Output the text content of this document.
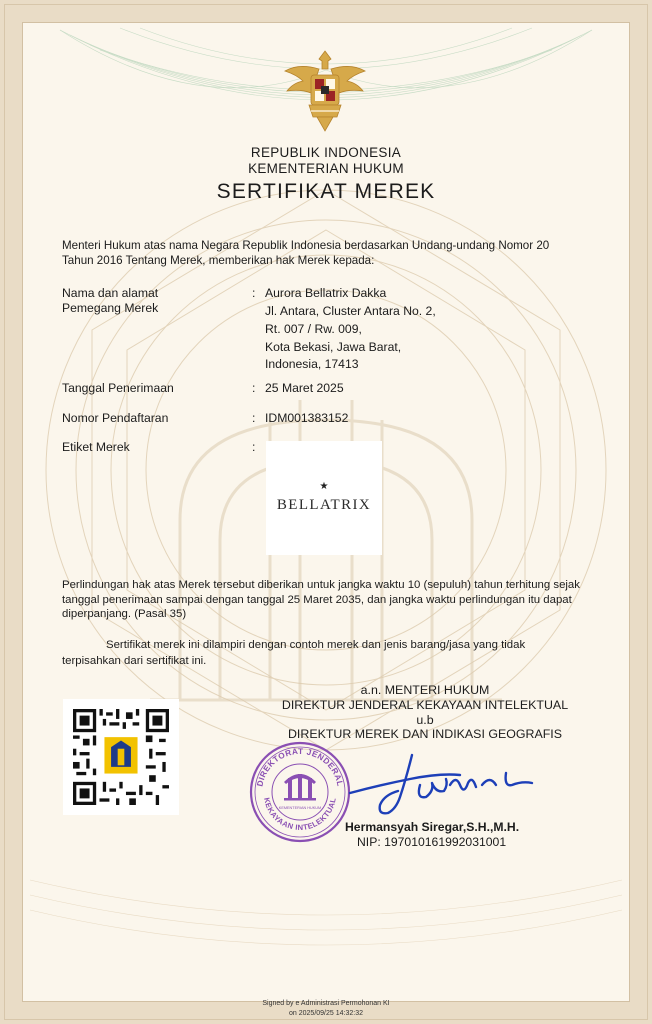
REPUBLIK INDONESIA
KEMENTERIAN HUKUM
SERTIFIKAT MEREK
Menteri Hukum atas nama Negara Republik Indonesia berdasarkan Undang-undang Nomor 20 Tahun 2016 Tentang Merek, memberikan hak Merek kepada:
Nama dan alamat
Pemegang Merek
: Aurora Bellatrix Dakka
Jl. Antara, Cluster Antara No. 2,
Rt. 007 / Rw. 009,
Kota Bekasi, Jawa Barat,
Indonesia, 17413
Tanggal Penerimaan	: 25 Maret 2025
Nomor Pendaftaran	: IDM001383152
Etiket Merek	:
★
BELLATRIX
Perlindungan hak atas Merek tersebut diberikan untuk jangka waktu 10 (sepuluh) tahun terhitung sejak tanggal penerimaan sampai dengan tanggal 25 Maret 2035, dan jangka waktu perlindungan itu dapat diperpanjang. (Pasal 35)
Sertifikat merek ini dilampiri dengan contoh merek dan jenis barang/jasa yang tidak
terpisahkan dari sertifikat ini.
a.n. MENTERI HUKUM
DIREKTUR JENDERAL KEKAYAAN INTELEKTUAL
u.b
DIREKTUR MEREK DAN INDIKASI GEOGRAFIS
DIREKTORAT JENDERAL
KEKAYAAN INTELEKTUAL
KEMENTERIAN HUKUM
Hermansyah Siregar,S.H.,M.H.
NIP: 197010161992031001
Signed by e Administrasi Permohonan KI
on 2025/09/25 14:32:32
